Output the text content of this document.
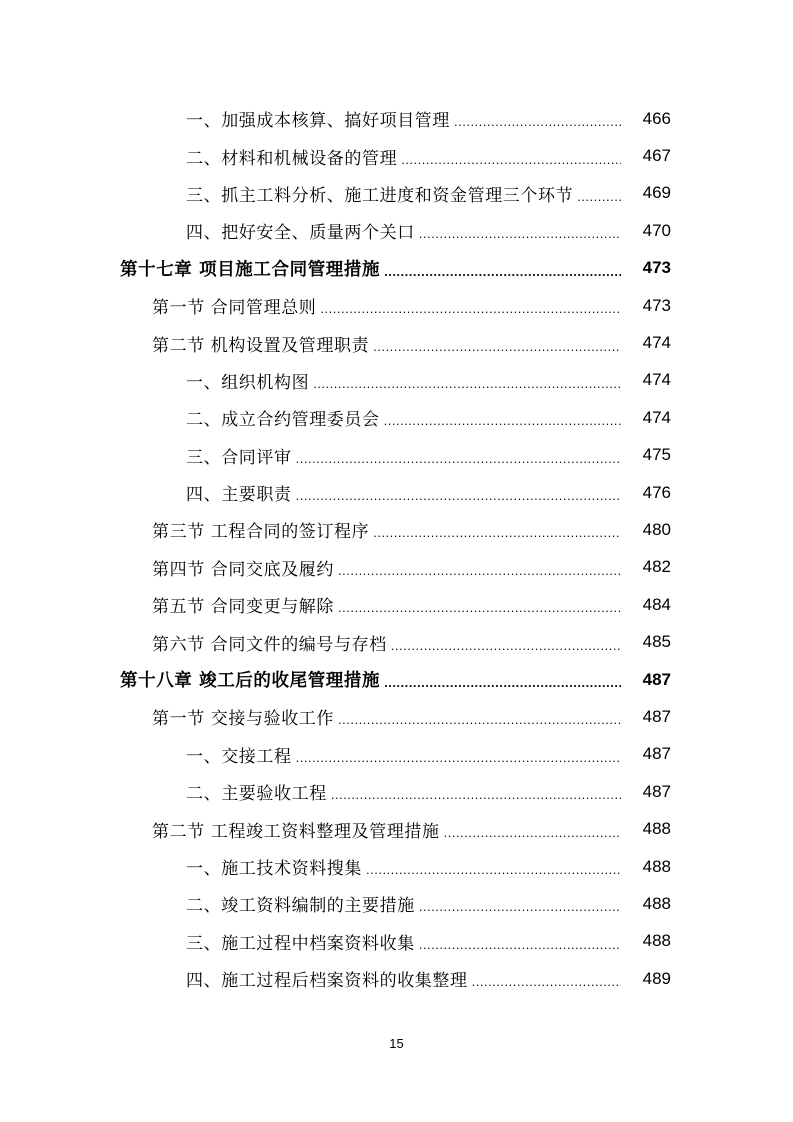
一、加强成本核算、搞好项目管理 .....	466
二、材料和机械设备的管理 .....	467
三、抓主工料分析、施工进度和资金管理三个环节 .....	469
四、把好安全、质量两个关口 .....	470
第十七章 项目施工合同管理措施 .....	473
第一节 合同管理总则 .....	473
第二节 机构设置及管理职责 .....	474
一、组织机构图 .....	474
二、成立合约管理委员会 .....	474
三、合同评审 .....	475
四、主要职责 .....	476
第三节 工程合同的签订程序 .....	480
第四节 合同交底及履约 .....	482
第五节 合同变更与解除 .....	484
第六节 合同文件的编号与存档 .....	485
第十八章 竣工后的收尾管理措施 .....	487
第一节 交接与验收工作 .....	487
一、交接工程 .....	487
二、主要验收工程 .....	487
第二节 工程竣工资料整理及管理措施 .....	488
一、施工技术资料搜集 .....	488
二、竣工资料编制的主要措施 .....	488
三、施工过程中档案资料收集 .....	488
四、施工过程后档案资料的收集整理 .....	489
15
